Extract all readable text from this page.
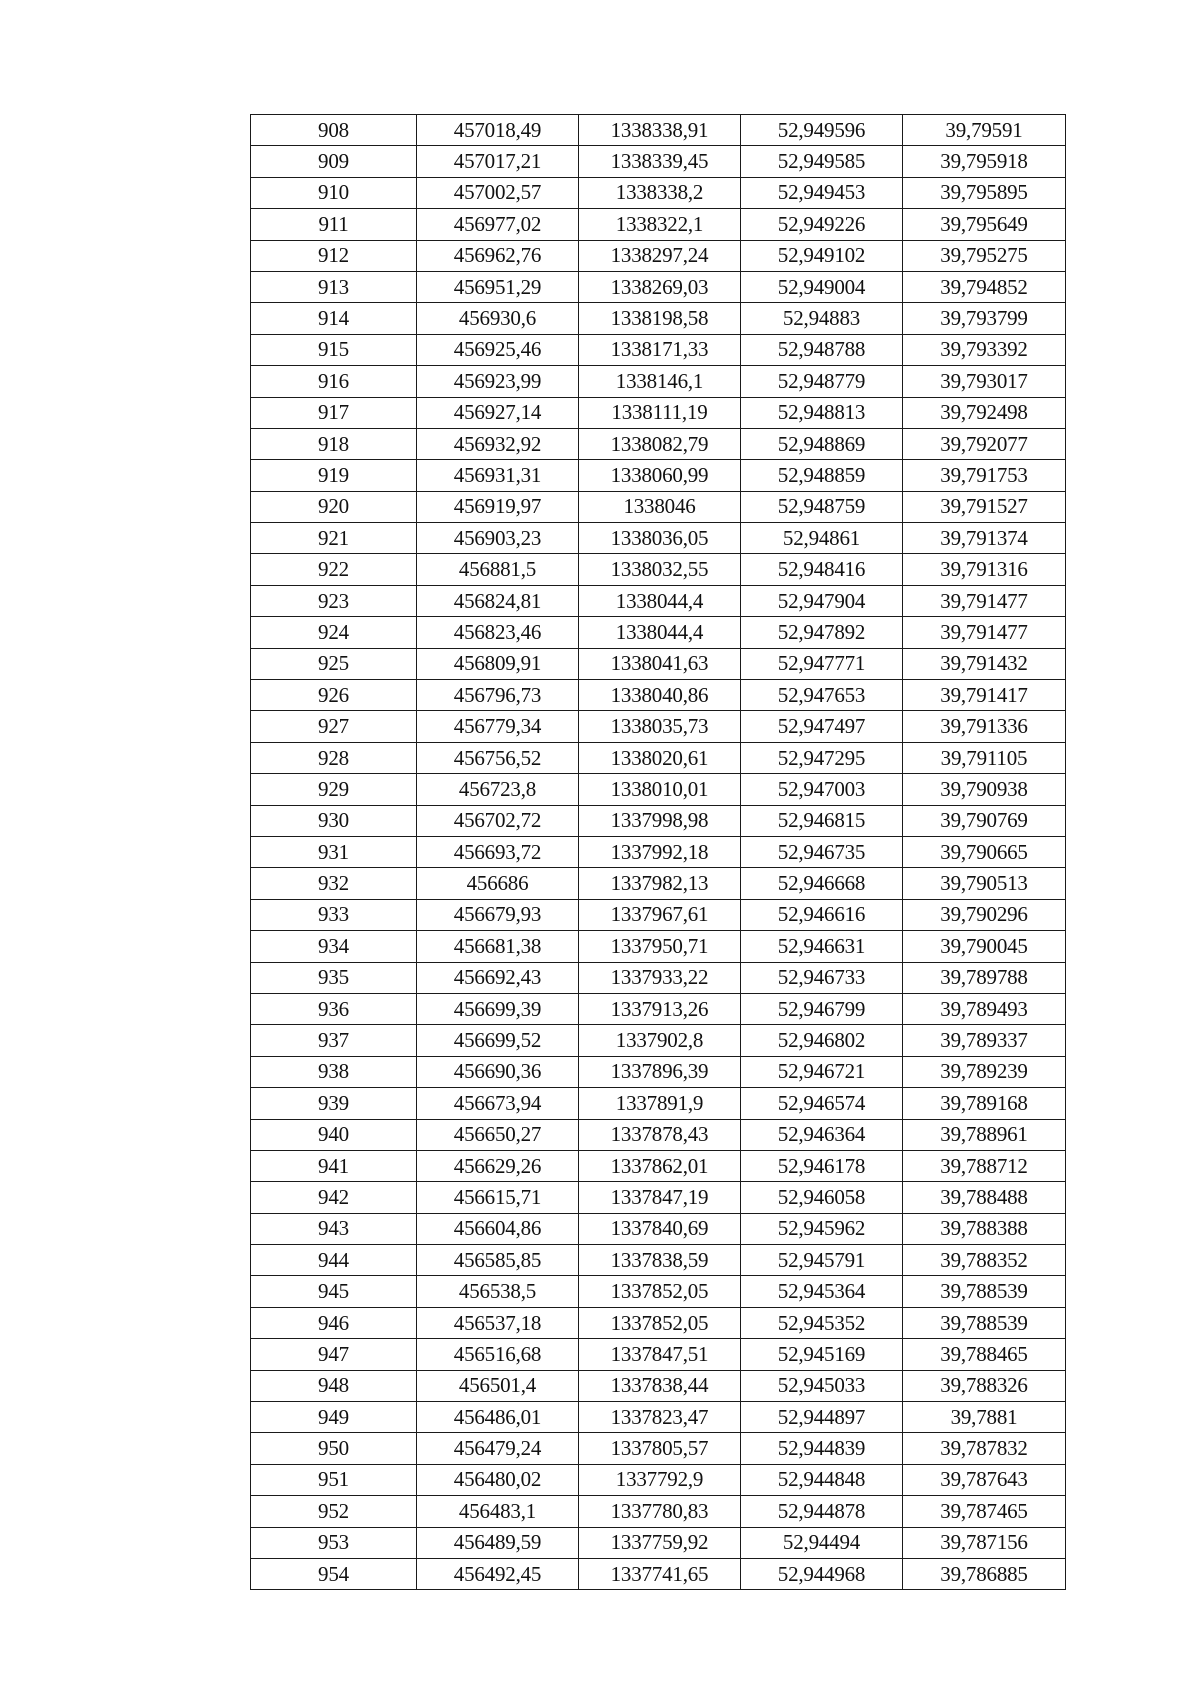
908	457018,49	1338338,91	52,949596	39,79591
909	457017,21	1338339,45	52,949585	39,795918
910	457002,57	1338338,2	52,949453	39,795895
911	456977,02	1338322,1	52,949226	39,795649
912	456962,76	1338297,24	52,949102	39,795275
913	456951,29	1338269,03	52,949004	39,794852
914	456930,6	1338198,58	52,94883	39,793799
915	456925,46	1338171,33	52,948788	39,793392
916	456923,99	1338146,1	52,948779	39,793017
917	456927,14	1338111,19	52,948813	39,792498
918	456932,92	1338082,79	52,948869	39,792077
919	456931,31	1338060,99	52,948859	39,791753
920	456919,97	1338046	52,948759	39,791527
921	456903,23	1338036,05	52,94861	39,791374
922	456881,5	1338032,55	52,948416	39,791316
923	456824,81	1338044,4	52,947904	39,791477
924	456823,46	1338044,4	52,947892	39,791477
925	456809,91	1338041,63	52,947771	39,791432
926	456796,73	1338040,86	52,947653	39,791417
927	456779,34	1338035,73	52,947497	39,791336
928	456756,52	1338020,61	52,947295	39,791105
929	456723,8	1338010,01	52,947003	39,790938
930	456702,72	1337998,98	52,946815	39,790769
931	456693,72	1337992,18	52,946735	39,790665
932	456686	1337982,13	52,946668	39,790513
933	456679,93	1337967,61	52,946616	39,790296
934	456681,38	1337950,71	52,946631	39,790045
935	456692,43	1337933,22	52,946733	39,789788
936	456699,39	1337913,26	52,946799	39,789493
937	456699,52	1337902,8	52,946802	39,789337
938	456690,36	1337896,39	52,946721	39,789239
939	456673,94	1337891,9	52,946574	39,789168
940	456650,27	1337878,43	52,946364	39,788961
941	456629,26	1337862,01	52,946178	39,788712
942	456615,71	1337847,19	52,946058	39,788488
943	456604,86	1337840,69	52,945962	39,788388
944	456585,85	1337838,59	52,945791	39,788352
945	456538,5	1337852,05	52,945364	39,788539
946	456537,18	1337852,05	52,945352	39,788539
947	456516,68	1337847,51	52,945169	39,788465
948	456501,4	1337838,44	52,945033	39,788326
949	456486,01	1337823,47	52,944897	39,7881
950	456479,24	1337805,57	52,944839	39,787832
951	456480,02	1337792,9	52,944848	39,787643
952	456483,1	1337780,83	52,944878	39,787465
953	456489,59	1337759,92	52,94494	39,787156
954	456492,45	1337741,65	52,944968	39,786885
